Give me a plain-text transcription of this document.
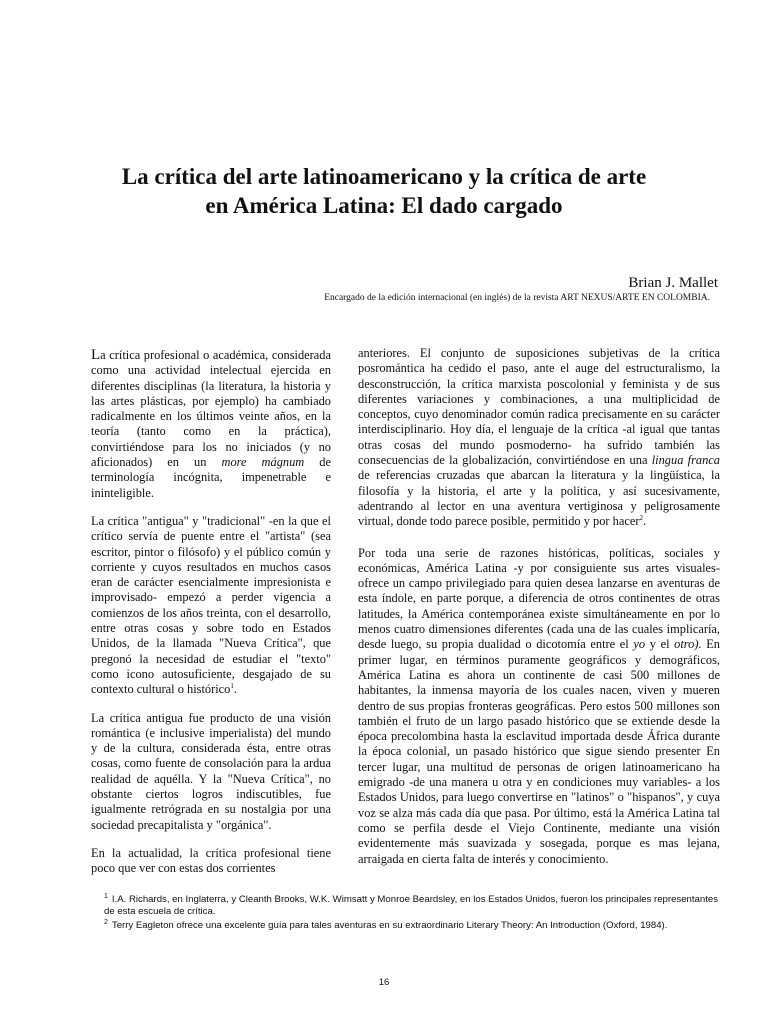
La crítica del arte latinoamericano y la crítica de arte
en América Latina: El dado cargado

Brian J. Mallet

Encargado de la edición internacional (en inglés) de la revista ART NEXUS/ARTE EN COLOMBIA.

La crítica profesional o académica, considerada como una actividad intelectual ejercida en diferentes disciplinas (la literatura, la historia y las artes plásticas, por ejemplo) ha cambiado radicalmente en los últimos veinte años, en la teoría (tanto como en la práctica), convirtiéndose para los no iniciados (y no aficionados) en un more mágnum de terminología incógnita, impenetrable e ininteligible.

La crítica "antigua" y "tradicional" -en la que el crítico servía de puente entre el "artista" (sea escritor, pintor o filósofo) y el público común y corriente y cuyos resultados en muchos casos eran de carácter esencialmente impresionista e improvisado- empezó a perder vigencia a comienzos de los años treinta, con el desarrollo, entre otras cosas y sobre todo en Estados Unidos, de la llamada "Nueva Crítica", que pregonó la necesidad de estudiar el "texto" como icono autosuficiente, desgajado de su contexto cultural o histórico$^1$.

La crítica antigua fue producto de una visión romántica (e inclusive imperialista) del mundo y de la cultura, considerada ésta, entre otras cosas, como fuente de consolación para la ardua realidad de aquélla. Y la "Nueva Crítica", no obstante ciertos logros indiscutibles, fue igualmente retrógrada en su nostalgia por una sociedad precapitalista y "orgánica".

En la actualidad, la crítica profesional tiene poco que ver con estas dos corrientes

anteriores. El conjunto de suposiciones subjetivas de la crítica posromántica ha cedido el paso, ante el auge del estructuralismo, la desconstrucción, la crítica marxista poscolonial y feminista y de sus diferentes variaciones y combinaciones, a una multiplicidad de conceptos, cuyo denominador común radica precisamente en su carácter interdisciplinario. Hoy día, el lenguaje de la crítica -al igual que tantas otras cosas del mundo posmoderno- ha sufrido también las consecuencias de la globalización, convirtiéndose en una lingua franca de referencias cruzadas que abarcan la literatura y la lingüística, la filosofía y la historia, el arte y la política, y así sucesivamente, adentrando al lector en una aventura vertiginosa y peligrosamente virtual, donde todo parece posible, permitido y por hacer$^2$.

Por toda una serie de razones históricas, políticas, sociales y económicas, América Latina -y por consiguiente sus artes visuales- ofrece un campo privilegiado para quien desea lanzarse en aventuras de esta índole, en parte porque, a diferencia de otros continentes de otras latitudes, la América contemporánea existe simultáneamente en por lo menos cuatro dimensiones diferentes (cada una de las cuales implicaría, desde luego, su propia dualidad o dicotomía entre el yo y el otro). En primer lugar, en términos puramente geográficos y demográficos, América Latina es ahora un continente de casi 500 millones de habitantes, la inmensa mayoría de los cuales nacen, viven y mueren dentro de sus propias fronteras geográficas. Pero estos 500 millones son también el fruto de un largo pasado histórico que se extiende desde la época precolombina hasta la esclavitud importada desde África durante la época colonial, un pasado histórico que sigue siendo presenter En tercer lugar, una multitud de personas de origen latinoamericano ha emigrado -de una manera u otra y en condiciones muy variables- a los Estados Unidos, para luego convertirse en "latinos" o "hispanos", y cuya voz se alza más cada día que pasa. Por último, está la América Latina tal como se perfila desde el Viejo Continente, mediante una visión evidentemente más suavizada y sosegada, porque es mas lejana, arraigada en cierta falta de interés y conocimiento.

$^1$ I.A. Richards, en Inglaterra, y Cleanth Brooks, W.K. Wimsatt y Monroe Beardsley, en los Estados Unidos, fueron los principales representantes de esta escuela de crítica.

$^2$ Terry Eagleton ofrece una excelente guía para tales aventuras en su extraordinario Literary Theory: An Introduction (Oxford, 1984).

16
